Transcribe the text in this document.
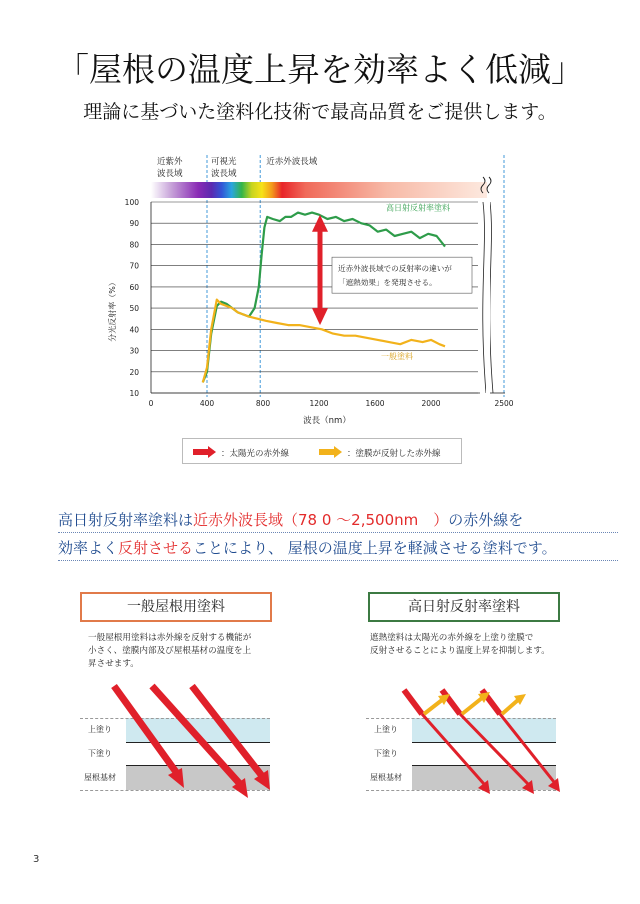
「屋根の温度上昇を効率よく低減」
理論に基づいた塗料化技術で最高品質をご提供します。
近紫外
波長域
可視光
波長域
近赤外波長域
10
20
30
40
50
60
70
80
90
100
0	400	800	1200	1600	2000	2500
高日射反射率塗料
一般塗料
近赤外波長域での反射率の違いが
「遮熱効果」を発現させる。
分光反射率（%）
波長（nm）
：太陽光の赤外線	：塗膜が反射した赤外線
高日射反射率塗料は近赤外波長域（78 0 ～2,500nm　）の赤外線を
効率よく反射させることにより、 屋根の温度上昇を軽減させる塗料です。
一般屋根用塗料	高日射反射率塗料
一般屋根用塗料は赤外線を反射する機能が
小さく、塗膜内部及び屋根基材の温度を上
昇させます。
遮熱塗料は太陽光の赤外線を上塗り塗膜で
反射させることにより温度上昇を抑制します。
上塗り
下塗り
屋根基材
上塗り
下塗り
屋根基材
3
